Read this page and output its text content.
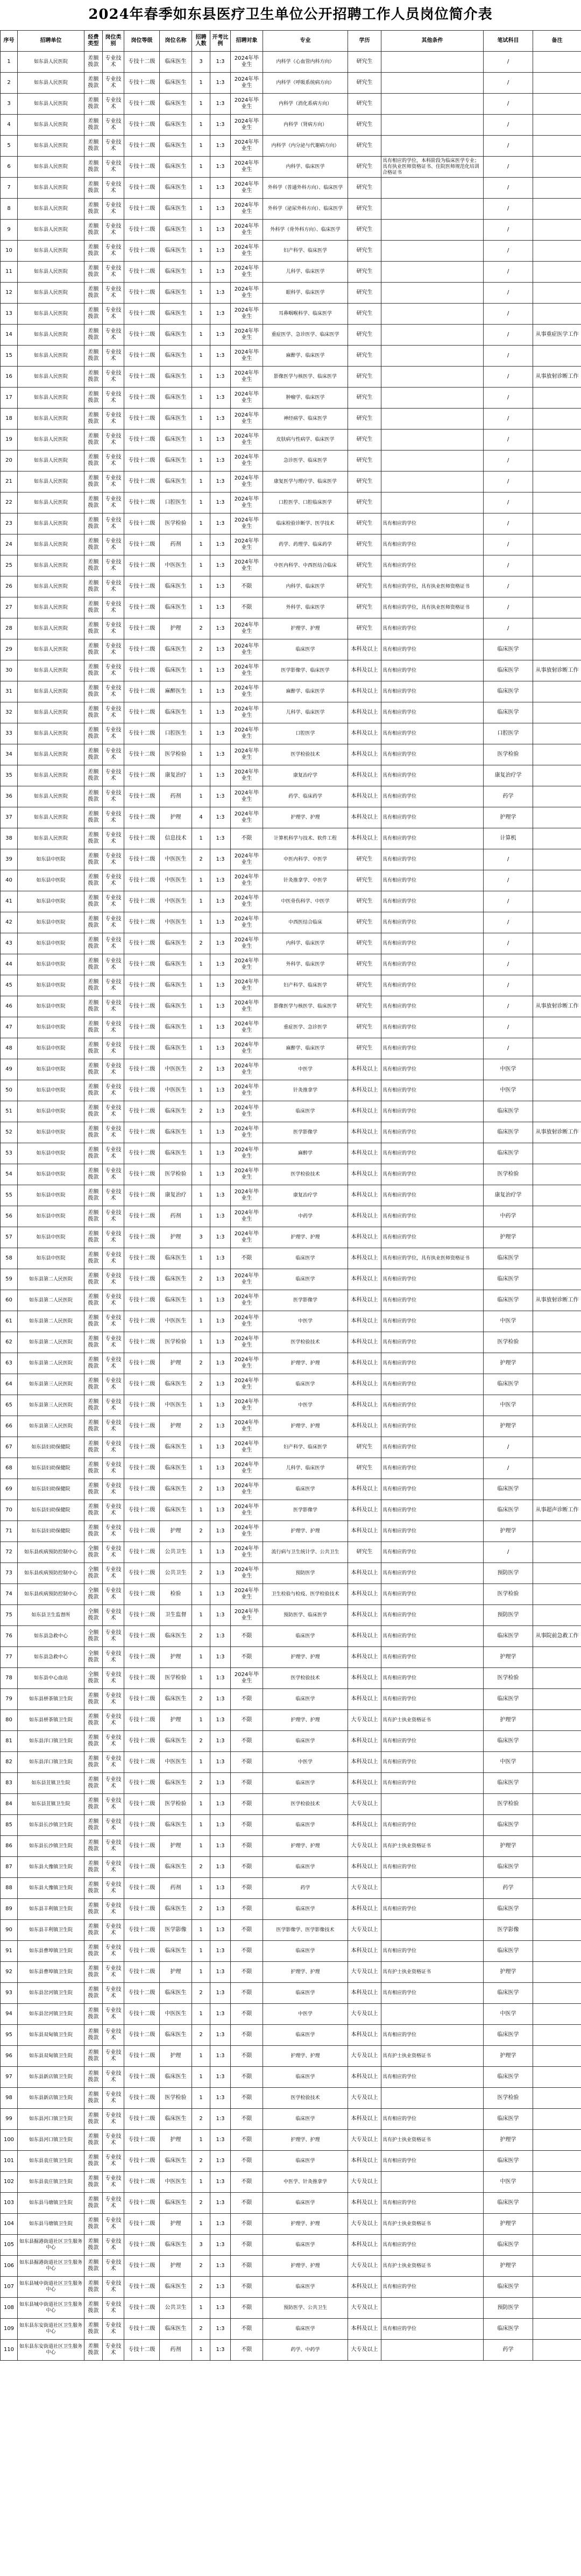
2024年春季如东县医疗卫生单位公开招聘工作人员岗位简介表
序号	招聘单位	经费类型	岗位类别	岗位等级	岗位名称	招聘人数	开考比例	招聘对象	专业	学历	其他条件	笔试科目	备注
1	如东县人民医院	差额拨款	专业技术	专技十二级	临床医生	3	1:3	2024年毕业生	内科学（心血管内科方向）	研究生		/	
2	如东县人民医院	差额拨款	专业技术	专技十二级	临床医生	1	1:3	2024年毕业生	内科学（呼吸系统病方向）	研究生		/	
3	如东县人民医院	差额拨款	专业技术	专技十二级	临床医生	1	1:3	2024年毕业生	内科学（消化系病方向）	研究生		/	
4	如东县人民医院	差额拨款	专业技术	专技十二级	临床医生	1	1:3	2024年毕业生	内科学（肾病方向）	研究生		/	
5	如东县人民医院	差额拨款	专业技术	专技十二级	临床医生	1	1:3	2024年毕业生	内科学（内分泌与代谢病方向）	研究生		/	
6	如东县人民医院	差额拨款	专业技术	专技十二级	临床医生	1	1:3	2024年毕业生	内科学、临床医学	研究生	具有相应的学位，本科阶段为临床医学专业；具有执业医师资格证书、住院医师规范化培训合格证书	/	
7	如东县人民医院	差额拨款	专业技术	专技十二级	临床医生	1	1:3	2024年毕业生	外科学（普通外科方向）、临床医学	研究生		/	
8	如东县人民医院	差额拨款	专业技术	专技十二级	临床医生	1	1:3	2024年毕业生	外科学（泌尿外科方向）、临床医学	研究生		/	
9	如东县人民医院	差额拨款	专业技术	专技十二级	临床医生	1	1:3	2024年毕业生	外科学（骨外科方向）、临床医学	研究生		/	
10	如东县人民医院	差额拨款	专业技术	专技十二级	临床医生	1	1:3	2024年毕业生	妇产科学、临床医学	研究生		/	
11	如东县人民医院	差额拨款	专业技术	专技十二级	临床医生	1	1:3	2024年毕业生	儿科学、临床医学	研究生		/	
12	如东县人民医院	差额拨款	专业技术	专技十二级	临床医生	1	1:3	2024年毕业生	眼科学、临床医学	研究生		/	
13	如东县人民医院	差额拨款	专业技术	专技十二级	临床医生	1	1:3	2024年毕业生	耳鼻咽喉科学、临床医学	研究生		/	
14	如东县人民医院	差额拨款	专业技术	专技十二级	临床医生	1	1:3	2024年毕业生	重症医学、急诊医学、临床医学	研究生		/	从事重症医学工作
15	如东县人民医院	差额拨款	专业技术	专技十二级	临床医生	1	1:3	2024年毕业生	麻醉学、临床医学	研究生		/	
16	如东县人民医院	差额拨款	专业技术	专技十二级	临床医生	1	1:3	2024年毕业生	影像医学与核医学、临床医学	研究生		/	从事放射诊断工作
17	如东县人民医院	差额拨款	专业技术	专技十二级	临床医生	1	1:3	2024年毕业生	肿瘤学、临床医学	研究生		/	
18	如东县人民医院	差额拨款	专业技术	专技十二级	临床医生	1	1:3	2024年毕业生	神经病学、临床医学	研究生		/	
19	如东县人民医院	差额拨款	专业技术	专技十二级	临床医生	1	1:3	2024年毕业生	皮肤病与性病学、临床医学	研究生		/	
20	如东县人民医院	差额拨款	专业技术	专技十二级	临床医生	1	1:3	2024年毕业生	急诊医学、临床医学	研究生		/	
21	如东县人民医院	差额拨款	专业技术	专技十二级	临床医生	1	1:3	2024年毕业生	康复医学与理疗学、临床医学	研究生		/	
22	如东县人民医院	差额拨款	专业技术	专技十二级	口腔医生	1	1:3	2024年毕业生	口腔医学、口腔临床医学	研究生		/	
23	如东县人民医院	差额拨款	专业技术	专技十二级	医学检验	1	1:3	2024年毕业生	临床检验诊断学、医学技术	研究生	具有相应的学位	/	
24	如东县人民医院	差额拨款	专业技术	专技十二级	药剂	1	1:3	2024年毕业生	药学、药理学、临床药学	研究生	具有相应的学位	/	
25	如东县人民医院	差额拨款	专业技术	专技十二级	中医医生	1	1:3	2024年毕业生	中医内科学、中西医结合临床	研究生	具有相应的学位	/	
26	如东县人民医院	差额拨款	专业技术	专技十二级	临床医生	1	1:3	不限	内科学、临床医学	研究生	具有相应的学位，具有执业医师资格证书	/	
27	如东县人民医院	差额拨款	专业技术	专技十二级	临床医生	1	1:3	不限	外科学、临床医学	研究生	具有相应的学位，具有执业医师资格证书	/	
28	如东县人民医院	差额拨款	专业技术	专技十二级	护理	2	1:3	2024年毕业生	护理学、护理	研究生	具有相应的学位	/	
29	如东县人民医院	差额拨款	专业技术	专技十二级	临床医生	2	1:3	2024年毕业生	临床医学	本科及以上	具有相应的学位	临床医学	
30	如东县人民医院	差额拨款	专业技术	专技十二级	临床医生	1	1:3	2024年毕业生	医学影像学、临床医学	本科及以上	具有相应的学位	临床医学	从事放射诊断工作
31	如东县人民医院	差额拨款	专业技术	专技十二级	麻醉医生	1	1:3	2024年毕业生	麻醉学、临床医学	本科及以上	具有相应的学位	临床医学	
32	如东县人民医院	差额拨款	专业技术	专技十二级	临床医生	1	1:3	2024年毕业生	儿科学、临床医学	本科及以上	具有相应的学位	临床医学	
33	如东县人民医院	差额拨款	专业技术	专技十二级	口腔医生	1	1:3	2024年毕业生	口腔医学	本科及以上	具有相应的学位	口腔医学	
34	如东县人民医院	差额拨款	专业技术	专技十二级	医学检验	1	1:3	2024年毕业生	医学检验技术	本科及以上	具有相应的学位	医学检验	
35	如东县人民医院	差额拨款	专业技术	专技十二级	康复治疗	1	1:3	2024年毕业生	康复治疗学	本科及以上	具有相应的学位	康复治疗学	
36	如东县人民医院	差额拨款	专业技术	专技十二级	药剂	1	1:3	2024年毕业生	药学、临床药学	本科及以上	具有相应的学位	药学	
37	如东县人民医院	差额拨款	专业技术	专技十二级	护理	4	1:3	2024年毕业生	护理学、护理	本科及以上	具有相应的学位	护理学	
38	如东县人民医院	差额拨款	专业技术	专技十二级	信息技术	1	1:3	不限	计算机科学与技术、软件工程	本科及以上	具有相应的学位	计算机	
39	如东县中医院	差额拨款	专业技术	专技十二级	中医医生	2	1:3	2024年毕业生	中医内科学、中医学	研究生	具有相应的学位	/	
40	如东县中医院	差额拨款	专业技术	专技十二级	中医医生	1	1:3	2024年毕业生	针灸推拿学、中医学	研究生	具有相应的学位	/	
41	如东县中医院	差额拨款	专业技术	专技十二级	中医医生	1	1:3	2024年毕业生	中医骨伤科学、中医学	研究生	具有相应的学位	/	
42	如东县中医院	差额拨款	专业技术	专技十二级	中医医生	1	1:3	2024年毕业生	中西医结合临床	研究生	具有相应的学位	/	
43	如东县中医院	差额拨款	专业技术	专技十二级	临床医生	2	1:3	2024年毕业生	内科学、临床医学	研究生	具有相应的学位	/	
44	如东县中医院	差额拨款	专业技术	专技十二级	临床医生	1	1:3	2024年毕业生	外科学、临床医学	研究生	具有相应的学位	/	
45	如东县中医院	差额拨款	专业技术	专技十二级	临床医生	1	1:3	2024年毕业生	妇产科学、临床医学	研究生	具有相应的学位	/	
46	如东县中医院	差额拨款	专业技术	专技十二级	临床医生	1	1:3	2024年毕业生	影像医学与核医学、临床医学	研究生	具有相应的学位	/	从事放射诊断工作
47	如东县中医院	差额拨款	专业技术	专技十二级	临床医生	1	1:3	2024年毕业生	重症医学、急诊医学	研究生	具有相应的学位	/	
48	如东县中医院	差额拨款	专业技术	专技十二级	临床医生	1	1:3	2024年毕业生	麻醉学、临床医学	研究生	具有相应的学位	/	
49	如东县中医院	差额拨款	专业技术	专技十二级	中医医生	2	1:3	2024年毕业生	中医学	本科及以上	具有相应的学位	中医学	
50	如东县中医院	差额拨款	专业技术	专技十二级	中医医生	1	1:3	2024年毕业生	针灸推拿学	本科及以上	具有相应的学位	中医学	
51	如东县中医院	差额拨款	专业技术	专技十二级	临床医生	2	1:3	2024年毕业生	临床医学	本科及以上	具有相应的学位	临床医学	
52	如东县中医院	差额拨款	专业技术	专技十二级	临床医生	1	1:3	2024年毕业生	医学影像学	本科及以上	具有相应的学位	临床医学	从事放射诊断工作
53	如东县中医院	差额拨款	专业技术	专技十二级	临床医生	1	1:3	2024年毕业生	麻醉学	本科及以上	具有相应的学位	临床医学	
54	如东县中医院	差额拨款	专业技术	专技十二级	医学检验	1	1:3	2024年毕业生	医学检验技术	本科及以上	具有相应的学位	医学检验	
55	如东县中医院	差额拨款	专业技术	专技十二级	康复治疗	1	1:3	2024年毕业生	康复治疗学	本科及以上	具有相应的学位	康复治疗学	
56	如东县中医院	差额拨款	专业技术	专技十二级	药剂	1	1:3	2024年毕业生	中药学	本科及以上	具有相应的学位	中药学	
57	如东县中医院	差额拨款	专业技术	专技十二级	护理	3	1:3	2024年毕业生	护理学、护理	本科及以上	具有相应的学位	护理学	
58	如东县中医院	差额拨款	专业技术	专技十二级	临床医生	1	1:3	不限	临床医学	本科及以上	具有相应的学位，具有执业医师资格证书	临床医学	
59	如东县第二人民医院	差额拨款	专业技术	专技十二级	临床医生	2	1:3	2024年毕业生	临床医学	本科及以上	具有相应的学位	临床医学	
60	如东县第二人民医院	差额拨款	专业技术	专技十二级	临床医生	1	1:3	2024年毕业生	医学影像学	本科及以上	具有相应的学位	临床医学	从事放射诊断工作
61	如东县第二人民医院	差额拨款	专业技术	专技十二级	中医医生	1	1:3	2024年毕业生	中医学	本科及以上	具有相应的学位	中医学	
62	如东县第二人民医院	差额拨款	专业技术	专技十二级	医学检验	1	1:3	2024年毕业生	医学检验技术	本科及以上	具有相应的学位	医学检验	
63	如东县第二人民医院	差额拨款	专业技术	专技十二级	护理	2	1:3	2024年毕业生	护理学、护理	本科及以上	具有相应的学位	护理学	
64	如东县第三人民医院	差额拨款	专业技术	专技十二级	临床医生	2	1:3	2024年毕业生	临床医学	本科及以上	具有相应的学位	临床医学	
65	如东县第三人民医院	差额拨款	专业技术	专技十二级	中医医生	1	1:3	2024年毕业生	中医学	本科及以上	具有相应的学位	中医学	
66	如东县第三人民医院	差额拨款	专业技术	专技十二级	护理	2	1:3	2024年毕业生	护理学、护理	本科及以上	具有相应的学位	护理学	
67	如东县妇幼保健院	差额拨款	专业技术	专技十二级	临床医生	1	1:3	2024年毕业生	妇产科学、临床医学	研究生	具有相应的学位	/	
68	如东县妇幼保健院	差额拨款	专业技术	专技十二级	临床医生	1	1:3	2024年毕业生	儿科学、临床医学	研究生	具有相应的学位	/	
69	如东县妇幼保健院	差额拨款	专业技术	专技十二级	临床医生	2	1:3	2024年毕业生	临床医学	本科及以上	具有相应的学位	临床医学	
70	如东县妇幼保健院	差额拨款	专业技术	专技十二级	临床医生	1	1:3	2024年毕业生	医学影像学	本科及以上	具有相应的学位	临床医学	从事超声诊断工作
71	如东县妇幼保健院	差额拨款	专业技术	专技十二级	护理	2	1:3	2024年毕业生	护理学、护理	本科及以上	具有相应的学位	护理学	
72	如东县疾病预防控制中心	全额拨款	专业技术	专技十二级	公共卫生	1	1:3	2024年毕业生	流行病与卫生统计学、公共卫生	研究生	具有相应的学位	/	
73	如东县疾病预防控制中心	全额拨款	专业技术	专技十二级	公共卫生	2	1:3	2024年毕业生	预防医学	本科及以上	具有相应的学位	预防医学	
74	如东县疾病预防控制中心	全额拨款	专业技术	专技十二级	检验	1	1:3	2024年毕业生	卫生检验与检疫、医学检验技术	本科及以上	具有相应的学位	医学检验	
75	如东县卫生监督所	全额拨款	专业技术	专技十二级	卫生监督	1	1:3	2024年毕业生	预防医学、临床医学	本科及以上	具有相应的学位	预防医学	
76	如东县急救中心	全额拨款	专业技术	专技十二级	临床医生	2	1:3	不限	临床医学	本科及以上	具有相应的学位	临床医学	从事院前急救工作
77	如东县急救中心	全额拨款	专业技术	专技十二级	护理	1	1:3	不限	护理学、护理	本科及以上	具有相应的学位	护理学	
78	如东县中心血站	全额拨款	专业技术	专技十二级	医学检验	1	1:3	2024年毕业生	医学检验技术	本科及以上	具有相应的学位	医学检验	
79	如东县栟茶镇卫生院	差额拨款	专业技术	专技十二级	临床医生	2	1:3	不限	临床医学	本科及以上	具有相应的学位	临床医学	
80	如东县栟茶镇卫生院	差额拨款	专业技术	专技十二级	护理	1	1:3	不限	护理学、护理	大专及以上	具有护士执业资格证书	护理学	
81	如东县洋口镇卫生院	差额拨款	专业技术	专技十二级	临床医生	2	1:3	不限	临床医学	本科及以上	具有相应的学位	临床医学	
82	如东县洋口镇卫生院	差额拨款	专业技术	专技十二级	中医医生	1	1:3	不限	中医学	本科及以上	具有相应的学位	中医学	
83	如东县苴镇卫生院	差额拨款	专业技术	专技十二级	临床医生	2	1:3	不限	临床医学	本科及以上	具有相应的学位	临床医学	
84	如东县苴镇卫生院	差额拨款	专业技术	专技十二级	医学检验	1	1:3	不限	医学检验技术	大专及以上		医学检验	
85	如东县长沙镇卫生院	差额拨款	专业技术	专技十二级	临床医生	1	1:3	不限	临床医学	本科及以上	具有相应的学位	临床医学	
86	如东县长沙镇卫生院	差额拨款	专业技术	专技十二级	护理	1	1:3	不限	护理学、护理	大专及以上	具有护士执业资格证书	护理学	
87	如东县大豫镇卫生院	差额拨款	专业技术	专技十二级	临床医生	2	1:3	不限	临床医学	本科及以上	具有相应的学位	临床医学	
88	如东县大豫镇卫生院	差额拨款	专业技术	专技十二级	药剂	1	1:3	不限	药学	大专及以上		药学	
89	如东县丰利镇卫生院	差额拨款	专业技术	专技十二级	临床医生	2	1:3	不限	临床医学	本科及以上	具有相应的学位	临床医学	
90	如东县丰利镇卫生院	差额拨款	专业技术	专技十二级	医学影像	1	1:3	不限	医学影像学、医学影像技术	大专及以上		医学影像	
91	如东县曹埠镇卫生院	差额拨款	专业技术	专技十二级	临床医生	1	1:3	不限	临床医学	本科及以上	具有相应的学位	临床医学	
92	如东县曹埠镇卫生院	差额拨款	专业技术	专技十二级	护理	1	1:3	不限	护理学、护理	大专及以上	具有护士执业资格证书	护理学	
93	如东县岔河镇卫生院	差额拨款	专业技术	专技十二级	临床医生	2	1:3	不限	临床医学	本科及以上	具有相应的学位	临床医学	
94	如东县岔河镇卫生院	差额拨款	专业技术	专技十二级	中医医生	1	1:3	不限	中医学	大专及以上		中医学	
95	如东县双甸镇卫生院	差额拨款	专业技术	专技十二级	临床医生	2	1:3	不限	临床医学	本科及以上	具有相应的学位	临床医学	
96	如东县双甸镇卫生院	差额拨款	专业技术	专技十二级	护理	1	1:3	不限	护理学、护理	大专及以上	具有护士执业资格证书	护理学	
97	如东县新店镇卫生院	差额拨款	专业技术	专技十二级	临床医生	1	1:3	不限	临床医学	本科及以上	具有相应的学位	临床医学	
98	如东县新店镇卫生院	差额拨款	专业技术	专技十二级	医学检验	1	1:3	不限	医学检验技术	大专及以上		医学检验	
99	如东县河口镇卫生院	差额拨款	专业技术	专技十二级	临床医生	2	1:3	不限	临床医学	本科及以上	具有相应的学位	临床医学	
100	如东县河口镇卫生院	差额拨款	专业技术	专技十二级	护理	1	1:3	不限	护理学、护理	大专及以上	具有护士执业资格证书	护理学	
101	如东县袁庄镇卫生院	差额拨款	专业技术	专技十二级	临床医生	2	1:3	不限	临床医学	本科及以上	具有相应的学位	临床医学	
102	如东县袁庄镇卫生院	差额拨款	专业技术	专技十二级	中医医生	1	1:3	不限	中医学、针灸推拿学	大专及以上		中医学	
103	如东县马塘镇卫生院	差额拨款	专业技术	专技十二级	临床医生	2	1:3	不限	临床医学	本科及以上	具有相应的学位	临床医学	
104	如东县马塘镇卫生院	差额拨款	专业技术	专技十二级	护理	1	1:3	不限	护理学、护理	大专及以上	具有护士执业资格证书	护理学	
105	如东县掘港街道社区卫生服务中心	差额拨款	专业技术	专技十二级	临床医生	3	1:3	不限	临床医学	本科及以上	具有相应的学位	临床医学	
106	如东县掘港街道社区卫生服务中心	差额拨款	专业技术	专技十二级	护理	2	1:3	不限	护理学、护理	大专及以上	具有护士执业资格证书	护理学	
107	如东县城中街道社区卫生服务中心	差额拨款	专业技术	专技十二级	临床医生	2	1:3	不限	临床医学	本科及以上	具有相应的学位	临床医学	
108	如东县城中街道社区卫生服务中心	差额拨款	专业技术	专技十二级	公共卫生	1	1:3	不限	预防医学、公共卫生	大专及以上		预防医学	
109	如东县东安街道社区卫生服务中心	差额拨款	专业技术	专技十二级	临床医生	2	1:3	不限	临床医学	本科及以上	具有相应的学位	临床医学	
110	如东县东安街道社区卫生服务中心	差额拨款	专业技术	专技十二级	药剂	1	1:3	不限	药学、中药学	大专及以上		药学	
